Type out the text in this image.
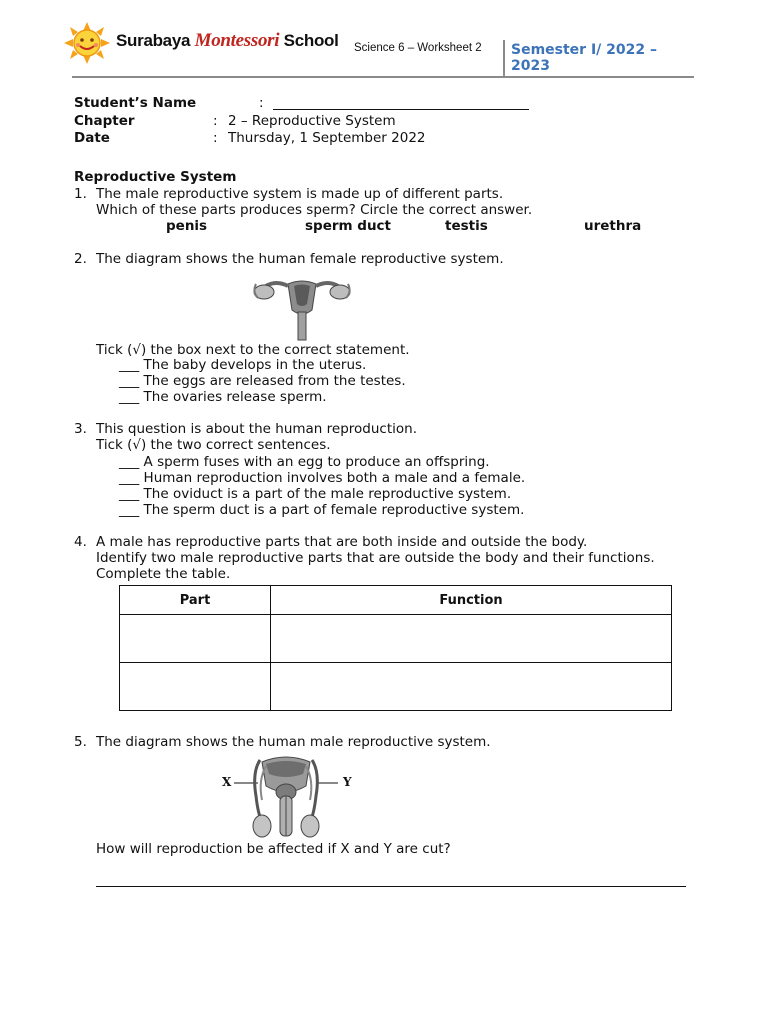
Surabaya Montessori School Science 6 – Worksheet 2 Semester I/ 2022 – 2023
Student’s Name	:
Chapter	: 2 – Reproductive System
Date	: Thursday, 1 September 2022
Reproductive System
1. The male reproductive system is made up of different parts.
Which of these parts produces sperm? Circle the correct answer.
penis	sperm duct	testis	urethra
2. The diagram shows the human female reproductive system.
Tick (√) the box next to the correct statement.
___ The baby develops in the uterus.
___ The eggs are released from the testes.
___ The ovaries release sperm.
3. This question is about the human reproduction.
Tick (√) the two correct sentences.
___ A sperm fuses with an egg to produce an offspring.
___ Human reproduction involves both a male and a female.
___ The oviduct is a part of the male reproductive system.
___ The sperm duct is a part of female reproductive system.
4. A male has reproductive parts that are both inside and outside the body.
Identify two male reproductive parts that are outside the body and their functions.
Complete the table.
Part	Function

5. The diagram shows the human male reproductive system.
X	Y
How will reproduction be affected if X and Y are cut?
